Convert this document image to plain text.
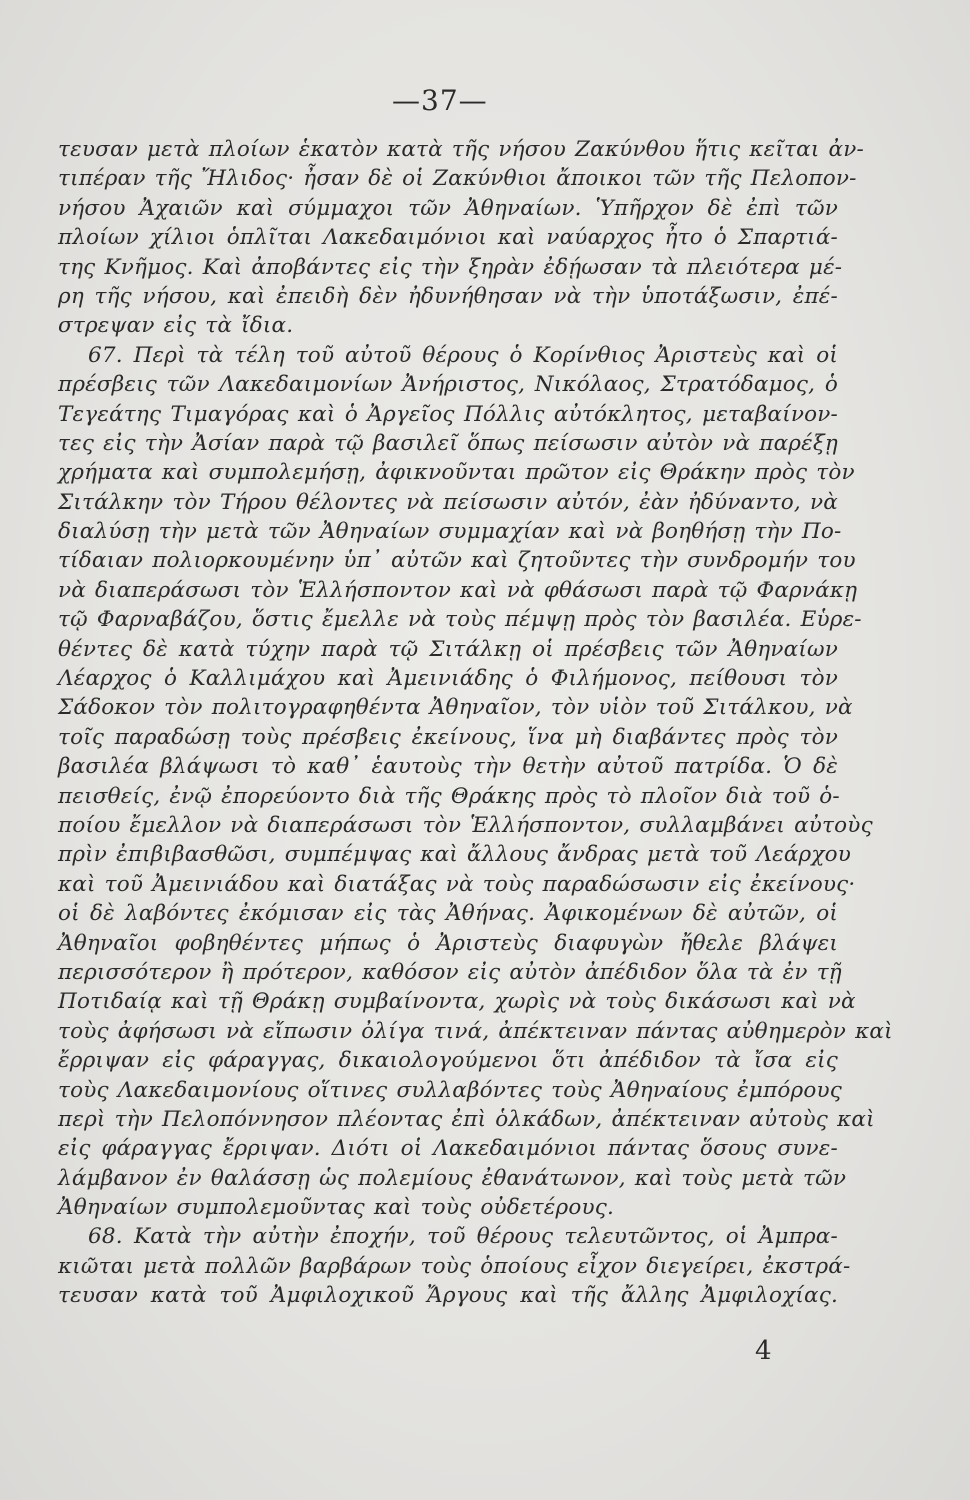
—37—
τευσαν μετὰ πλοίων ἑκατὸν κατὰ τῆς νήσου Ζακύνθου ἥτις κεῖται ἀν-
τιπέραν τῆς Ἤλιδος· ἦσαν δὲ οἱ Ζακύνθιοι ἄποικοι τῶν τῆς Πελοπον-
νήσου Ἀχαιῶν καὶ σύμμαχοι τῶν Ἀθηναίων. Ὑπῆρχον δὲ ἐπὶ τῶν
πλοίων χίλιοι ὁπλῖται Λακεδαιμόνιοι καὶ ναύαρχος ἦτο ὁ Σπαρτιά-
της Κνῆμος. Καὶ ἀποβάντες εἰς τὴν ξηρὰν ἐδῄωσαν τὰ πλειότερα μέ-
ρη τῆς νήσου, καὶ ἐπειδὴ δὲν ἠδυνήθησαν νὰ τὴν ὑποτάξωσιν, ἐπέ-
στρεψαν εἰς τὰ ἴδια.
67. Περὶ τὰ τέλη τοῦ αὐτοῦ θέρους ὁ Κορίνθιος Ἀριστεὺς καὶ οἱ
πρέσβεις τῶν Λακεδαιμονίων Ἀνήριστος, Νικόλαος, Στρατόδαμος, ὁ
Τεγεάτης Τιμαγόρας καὶ ὁ Ἀργεῖος Πόλλις αὐτόκλητος, μεταβαίνον-
τες εἰς τὴν Ἀσίαν παρὰ τῷ βασιλεῖ ὅπως πείσωσιν αὐτὸν νὰ παρέξῃ
χρήματα καὶ συμπολεμήσῃ, ἀφικνοῦνται πρῶτον εἰς Θράκην πρὸς τὸν
Σιτάλκην τὸν Τήρου θέλοντες νὰ πείσωσιν αὐτόν, ἐὰν ἠδύναντο, νὰ
διαλύσῃ τὴν μετὰ τῶν Ἀθηναίων συμμαχίαν καὶ νὰ βοηθήσῃ τὴν Πο-
τίδαιαν πολιορκουμένην ὑπ᾽ αὐτῶν καὶ ζητοῦντες τὴν συνδρομήν του
νὰ διαπεράσωσι τὸν Ἑλλήσποντον καὶ νὰ φθάσωσι παρὰ τῷ Φαρνάκῃ
τῷ Φαρναβάζου, ὅστις ἔμελλε νὰ τοὺς πέμψῃ πρὸς τὸν βασιλέα. Εὑρε-
θέντες δὲ κατὰ τύχην παρὰ τῷ Σιτάλκῃ οἱ πρέσβεις τῶν Ἀθηναίων
Λέαρχος ὁ Καλλιμάχου καὶ Ἀμεινιάδης ὁ Φιλήμονος, πείθουσι τὸν
Σάδοκον τὸν πολιτογραφηθέντα Ἀθηναῖον, τὸν υἱὸν τοῦ Σιτάλκου, νὰ
τοῖς παραδώσῃ τοὺς πρέσβεις ἐκείνους, ἵνα μὴ διαβάντες πρὸς τὸν
βασιλέα βλάψωσι τὸ καθ᾽ ἑαυτοὺς τὴν θετὴν αὐτοῦ πατρίδα. Ὁ δὲ
πεισθείς, ἐνῷ ἐπορεύοντο διὰ τῆς Θράκης πρὸς τὸ πλοῖον διὰ τοῦ ὁ-
ποίου ἔμελλον νὰ διαπεράσωσι τὸν Ἑλλήσποντον, συλλαμβάνει αὐτοὺς
πρὶν ἐπιβιβασθῶσι, συμπέμψας καὶ ἄλλους ἄνδρας μετὰ τοῦ Λεάρχου
καὶ τοῦ Ἀμεινιάδου καὶ διατάξας νὰ τοὺς παραδώσωσιν εἰς ἐκείνους·
οἱ δὲ λαβόντες ἐκόμισαν εἰς τὰς Ἀθήνας. Ἀφικομένων δὲ αὐτῶν, οἱ
Ἀθηναῖοι φοβηθέντες μήπως ὁ Ἀριστεὺς διαφυγὼν ἤθελε βλάψει
περισσότερον ἢ πρότερον, καθόσον εἰς αὐτὸν ἀπέδιδον ὅλα τὰ ἐν τῇ
Ποτιδαίᾳ καὶ τῇ Θράκῃ συμβαίνοντα, χωρὶς νὰ τοὺς δικάσωσι καὶ νὰ
τοὺς ἀφήσωσι νὰ εἴπωσιν ὀλίγα τινά, ἀπέκτειναν πάντας αὐθημερὸν καὶ
ἔρριψαν εἰς φάραγγας, δικαιολογούμενοι ὅτι ἀπέδιδον τὰ ἴσα εἰς
τοὺς Λακεδαιμονίους οἵτινες συλλαβόντες τοὺς Ἀθηναίους ἐμπόρους
περὶ τὴν Πελοπόννησον πλέοντας ἐπὶ ὁλκάδων, ἀπέκτειναν αὐτοὺς καὶ
εἰς φάραγγας ἔρριψαν. Διότι οἱ Λακεδαιμόνιοι πάντας ὅσους συνε-
λάμβανον ἐν θαλάσσῃ ὡς πολεμίους ἐθανάτωνον, καὶ τοὺς μετὰ τῶν
Ἀθηναίων συμπολεμοῦντας καὶ τοὺς οὐδετέρους.
68. Κατὰ τὴν αὐτὴν ἐποχήν, τοῦ θέρους τελευτῶντος, οἱ Ἀμπρα-
κιῶται μετὰ πολλῶν βαρβάρων τοὺς ὁποίους εἶχον διεγείρει, ἐκστρά-
τευσαν κατὰ τοῦ Ἀμφιλοχικοῦ Ἄργους καὶ τῆς ἄλλης Ἀμφιλοχίας.
4
